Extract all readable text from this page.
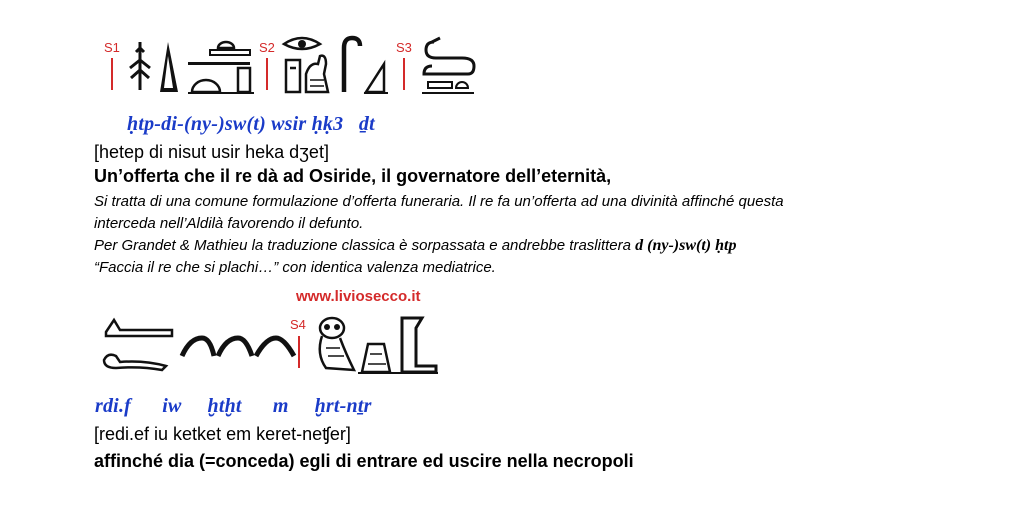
S1	S2	S3
ḥtp-di-(ny-)sw(t) wsir ḥḳ3   ḏt
[hetep di nisut usir heka dʒet]
Un’offerta che il re dà ad Osiride, il governatore dell’eternità,
Si tratta di una comune formulazione d’offerta funeraria. Il re fa un’offerta ad una divinità affinché questa
interceda nell’Aldilà favorendo il defunto.
Per Grandet & Mathieu la traduzione classica è sorpassata e andrebbe traslittera d (ny-)sw(t) ḥtp
“Faccia il re che si plachi…” con identica valenza mediatrice.
www.liviosecco.it
S4
rdi.f      iw     ḫtḫt      m     ḫrt-nṯr
[redi.ef iu ketket em keret-neʧer]
affinché dia (=conceda) egli di entrare ed uscire nella necropoli
